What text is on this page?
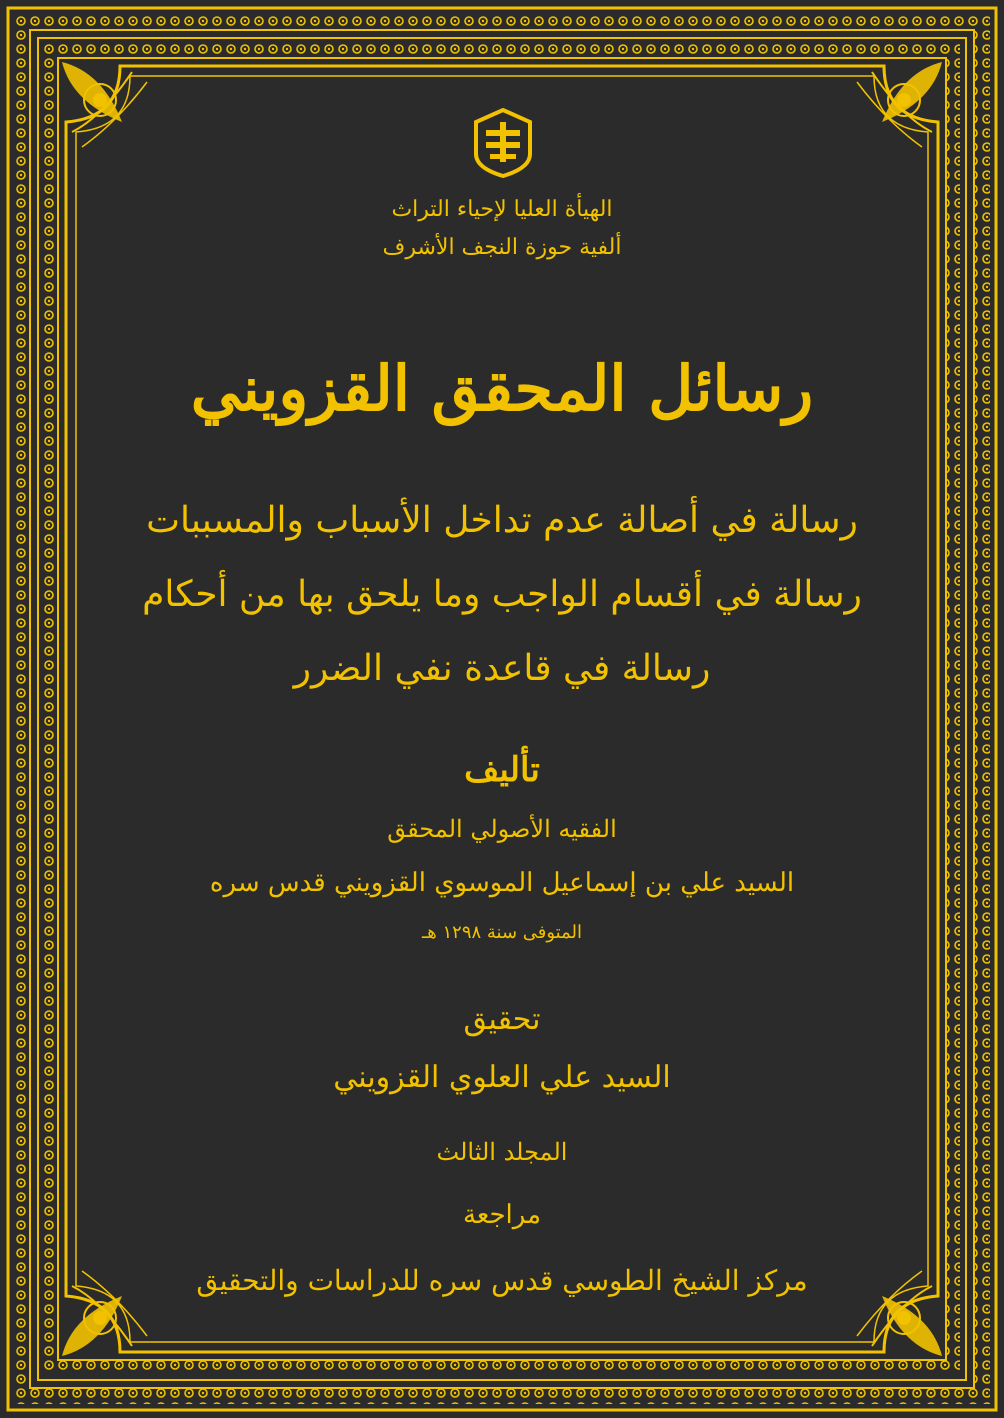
الهيأة العليا لإحياء التراث
ألفية حوزة النجف الأشرف
رسائل المحقق القزويني
رسالة في أصالة عدم تداخل الأسباب والمسببات
رسالة في أقسام الواجب وما يلحق بها من أحكام
رسالة في قاعدة نفي الضرر
تأليف
الفقيه الأصولي المحقق
السيد علي بن إسماعيل الموسوي القزويني قدس سره
المتوفى سنة ١٢٩٨ هـ
تحقيق
السيد علي العلوي القزويني
المجلد الثالث
مراجعة
مركز الشيخ الطوسي قدس سره للدراسات والتحقيق
